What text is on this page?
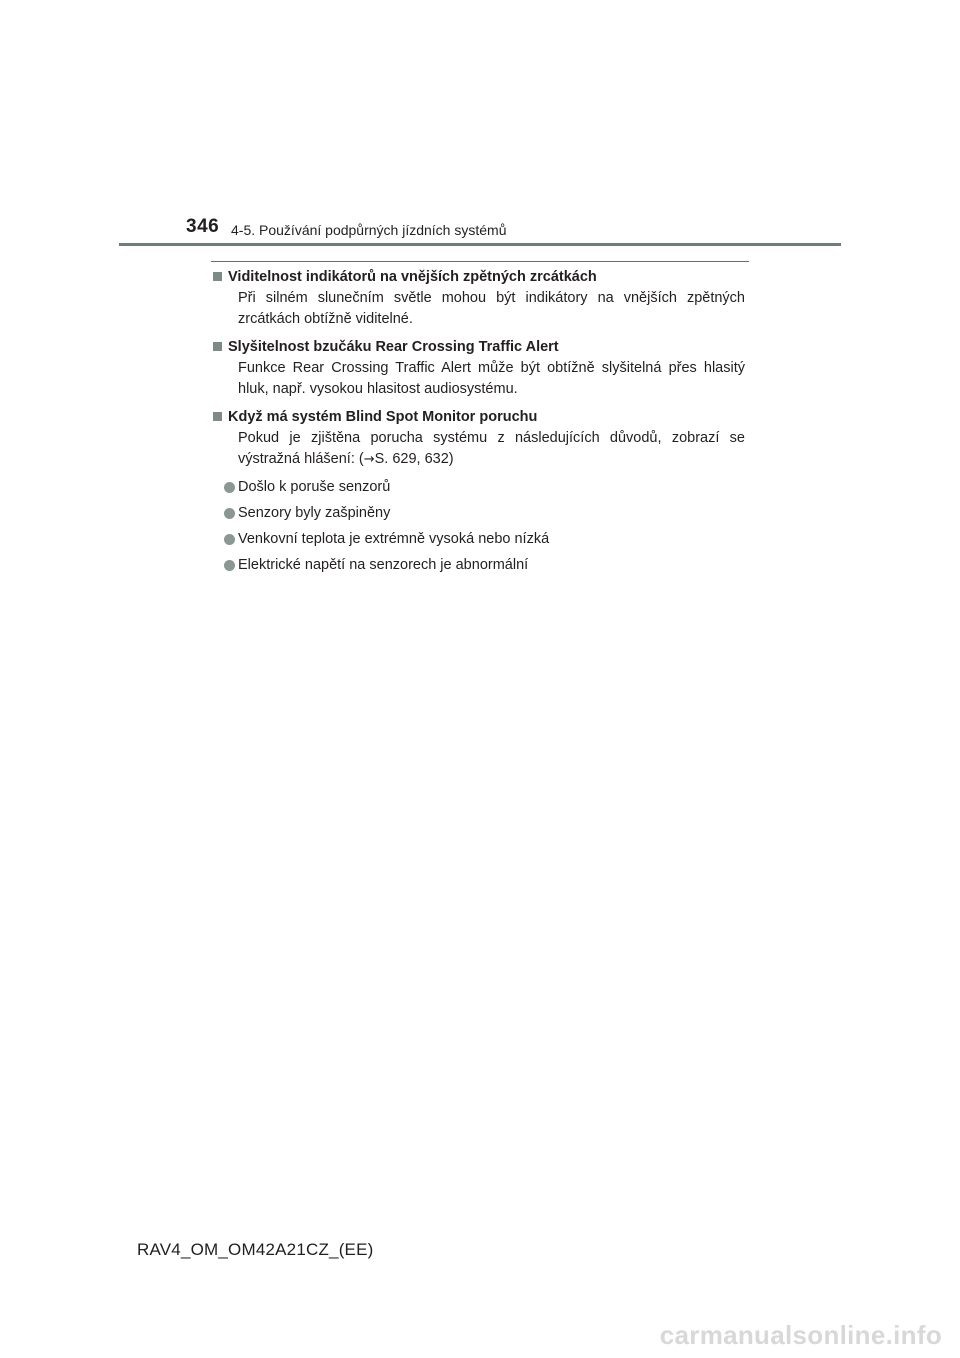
346 4-5. Používání podpůrných jízdních systémů
Viditelnost indikátorů na vnějších zpětných zrcátkách
Při silném slunečním světle mohou být indikátory na vnějších zpětných zrcátkách obtížně viditelné.
Slyšitelnost bzučáku Rear Crossing Traffic Alert
Funkce Rear Crossing Traffic Alert může být obtížně slyšitelná přes hlasitý hluk, např. vysokou hlasitost audiosystému.
Když má systém Blind Spot Monitor poruchu
Pokud je zjištěna porucha systému z následujících důvodů, zobrazí se výstražná hlášení: (→S. 629, 632)
Došlo k poruše senzorů
Senzory byly zašpiněny
Venkovní teplota je extrémně vysoká nebo nízká
Elektrické napětí na senzorech je abnormální
RAV4_OM_OM42A21CZ_(EE)
carmanualsonline.info
